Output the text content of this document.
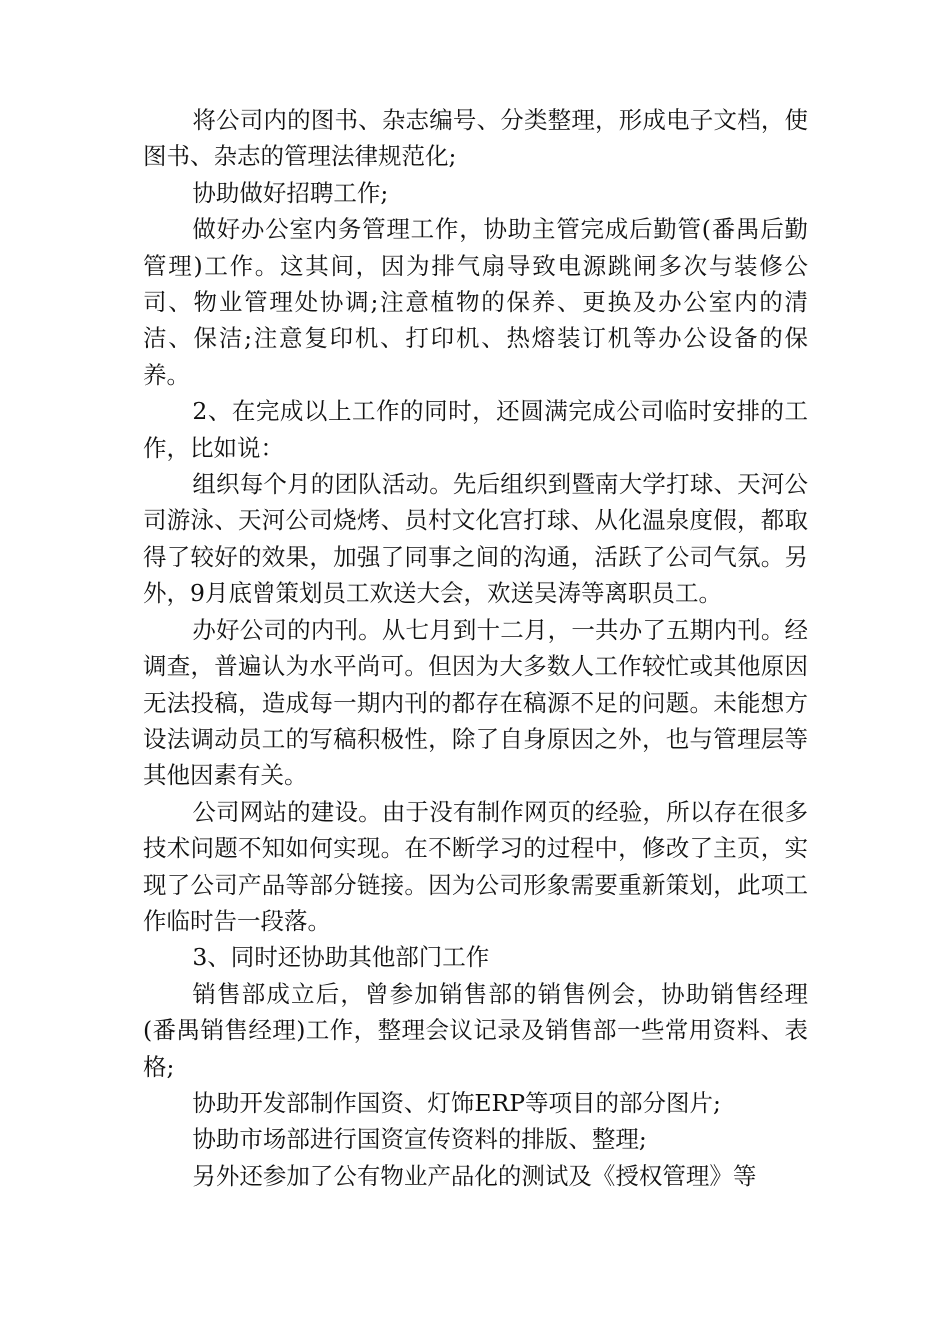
将公司内的图书、杂志编号、分类整理，形成电子文档，使图书、杂志的管理法律规范化;

协助做好招聘工作;

做好办公室内务管理工作，协助主管完成后勤管(番禺后勤管理)工作。这其间，因为排气扇导致电源跳闸多次与装修公司、物业管理处协调;注意植物的保养、更换及办公室内的清洁、保洁;注意复印机、打印机、热熔装订机等办公设备的保养。

2、在完成以上工作的同时，还圆满完成公司临时安排的工作，比如说：

组织每个月的团队活动。先后组织到暨南大学打球、天河公司游泳、天河公司烧烤、员村文化宫打球、从化温泉度假，都取得了较好的效果，加强了同事之间的沟通，活跃了公司气氛。另外，9月底曾策划员工欢送大会，欢送吴涛等离职员工。

办好公司的内刊。从七月到十二月，一共办了五期内刊。经调查，普遍认为水平尚可。但因为大多数人工作较忙或其他原因无法投稿，造成每一期内刊的都存在稿源不足的问题。未能想方设法调动员工的写稿积极性，除了自身原因之外，也与管理层等其他因素有关。

公司网站的建设。由于没有制作网页的经验，所以存在很多技术问题不知如何实现。在不断学习的过程中，修改了主页，实现了公司产品等部分链接。因为公司形象需要重新策划，此项工作临时告一段落。

3、同时还协助其他部门工作

销售部成立后，曾参加销售部的销售例会，协助销售经理(番禺销售经理)工作，整理会议记录及销售部一些常用资料、表格;

协助开发部制作国资、灯饰ERP等项目的部分图片;

协助市场部进行国资宣传资料的排版、整理;

另外还参加了公有物业产品化的测试及《授权管理》等
